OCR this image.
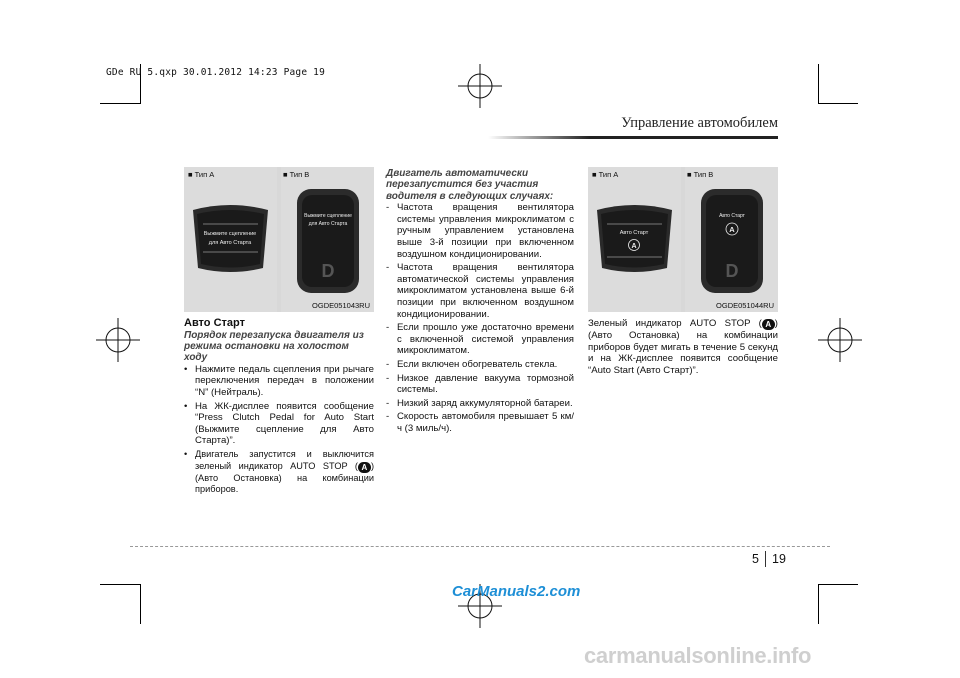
GDe RU 5.qxp 30.01.2012 14:23 Page 19
Управление автомобилем
■ Тип A	■ Тип B
Выжмите сцепление
для Авто Старта
Выжмите сцепление
для Авто Старта
D
OGDE051043RU
■ Тип A	■ Тип B
Авто Старт
A
Авто Старт
A
D
OGDE051044RU

Авто Старт

Порядок перезапуска двигателя из режима остановки на холостом ходу

• Нажмите педаль сцепления при рычаге переключения передач в положении “N” (Нейтраль).
• На ЖК-дисплее появится сообщение “Press Clutch Pedal for Auto Start (Выжмите сцепление для Авто Старта)”.
• Двигатель запустится и выключится зеленый индикатор AUTO STOP ( A ) (Авто Остановка) на комбинации приборов.

Двигатель автоматически перезапустится без участия водителя в следующих случаях:

- Частота вращения вентилятора системы управления микроклиматом с ручным управлением установлена выше 3-й позиции при включенном воздушном кондиционировании.
- Частота вращения вентилятора автоматической системы управления микроклиматом установлена выше 6-й позиции при включенном воздушном кондиционировании.
- Если прошло уже достаточно времени с включенной системой управления микроклиматом.
- Если включен обогреватель стекла.
- Низкое давление вакуума тормозной системы.
- Низкий заряд аккумуляторной батареи.
- Скорость автомобиля превышает 5 км/ч (3 миль/ч).

Зеленый индикатор AUTO STOP ( A ) (Авто Остановка) на комбинации приборов будет мигать в течение 5 секунд и на ЖК-дисплее появится сообщение “Auto Start (Авто Старт)”.

5 19
CarManuals2.com
carmanualsonline.info
